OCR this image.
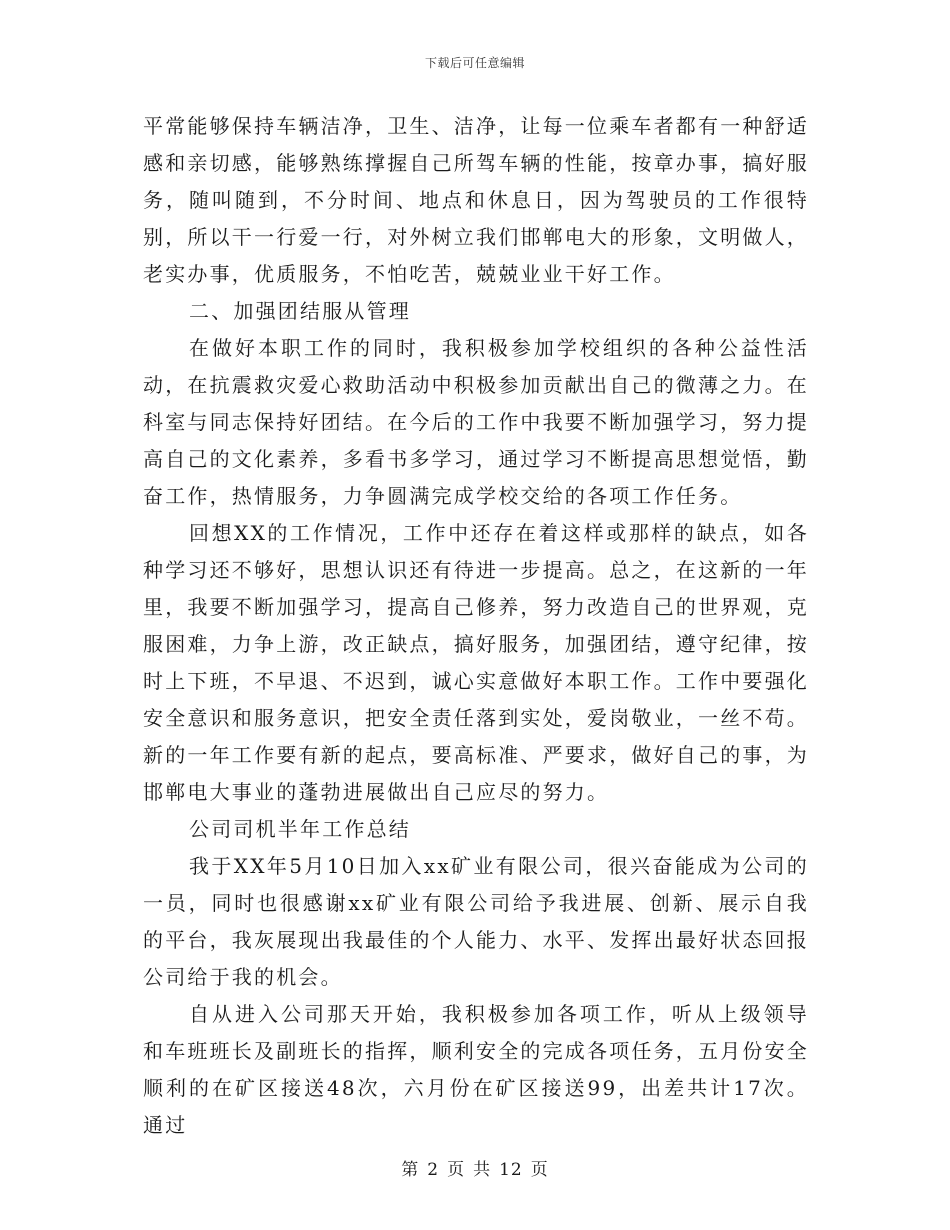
下载后可任意编辑

平常能够保持车辆洁净，卫生、洁净，让每一位乘车者都有一种舒适感和亲切感，能够熟练撑握自己所驾车辆的性能，按章办事，搞好服务，随叫随到，不分时间、地点和休息日，因为驾驶员的工作很特别，所以干一行爱一行，对外树立我们邯郸电大的形象，文明做人，老实办事，优质服务，不怕吃苦，兢兢业业干好工作。

二、加强团结服从管理

在做好本职工作的同时，我积极参加学校组织的各种公益性活动，在抗震救灾爱心救助活动中积极参加贡献出自己的微薄之力。在科室与同志保持好团结。在今后的工作中我要不断加强学习，努力提高自己的文化素养，多看书多学习，通过学习不断提高思想觉悟，勤奋工作，热情服务，力争圆满完成学校交给的各项工作任务。

回想XX的工作情况，工作中还存在着这样或那样的缺点，如各种学习还不够好，思想认识还有待进一步提高。总之，在这新的一年里，我要不断加强学习，提高自己修养，努力改造自己的世界观，克服困难，力争上游，改正缺点，搞好服务，加强团结，遵守纪律，按时上下班，不早退、不迟到，诚心实意做好本职工作。工作中要强化安全意识和服务意识，把安全责任落到实处，爱岗敬业，一丝不苟。新的一年工作要有新的起点，要高标准、严要求，做好自己的事，为邯郸电大事业的蓬勃进展做出自己应尽的努力。

公司司机半年工作总结

我于XX年5月10日加入xx矿业有限公司，很兴奋能成为公司的一员，同时也很感谢xx矿业有限公司给予我进展、创新、展示自我的平台，我灰展现出我最佳的个人能力、水平、发挥出最好状态回报公司给于我的机会。

自从进入公司那天开始，我积极参加各项工作，听从上级领导和车班班长及副班长的指挥，顺利安全的完成各项任务，五月份安全顺利的在矿区接送48次，六月份在矿区接送99，出差共计17次。通过

第 2 页 共 12 页
